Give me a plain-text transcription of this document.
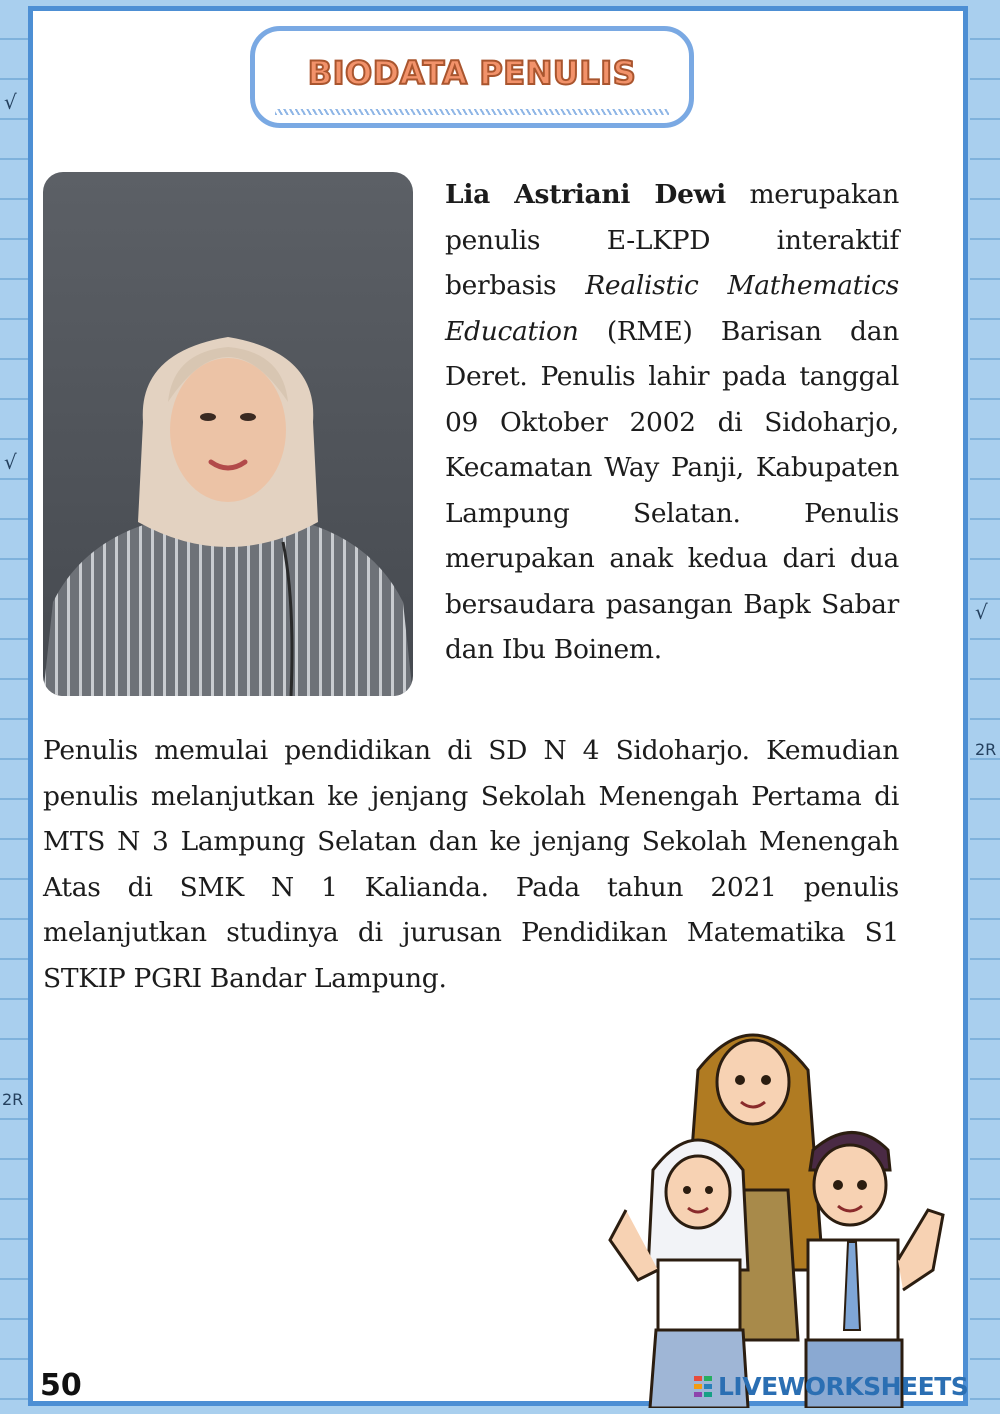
√
√
√
2R
2R
BIODATA PENULIS

Lia Astriani Dewi merupakan penulis E-LKPD interaktif berbasis Realistic Mathematics Education (RME) Barisan dan Deret. Penulis lahir pada tanggal 09 Oktober 2002 di Sidoharjo, Kecamatan Way Panji, Kabupaten Lampung Selatan. Penulis merupakan anak kedua dari dua bersaudara pasangan Bapk Sabar dan Ibu Boinem.

Penulis memulai pendidikan di SD N 4 Sidoharjo. Kemudian penulis melanjutkan ke jenjang Sekolah Menengah Pertama di MTS N 3 Lampung Selatan dan ke jenjang Sekolah Menengah Atas di SMK N 1 Kalianda. Pada tahun 2021 penulis melanjutkan studinya di jurusan Pendidikan Matematika S1 STKIP PGRI Bandar Lampung.

50	LIVEWORKSHEETS
